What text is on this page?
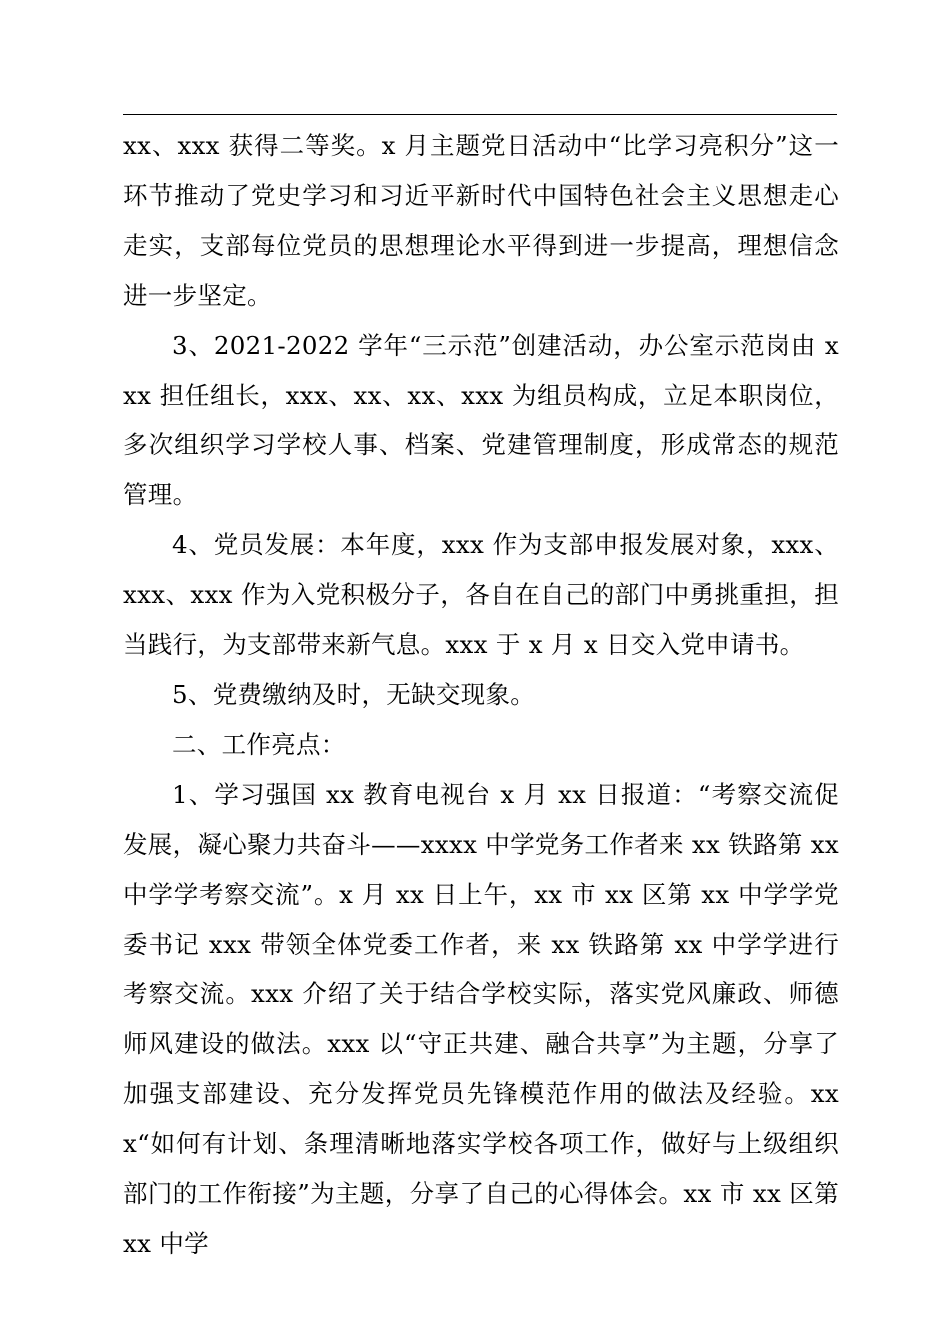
xx、xxx 获得二等奖。x 月主题党日活动中“比学习亮积分”这一环节推动了党史学习和习近平新时代中国特色社会主义思想走心走实，支部每位党员的思想理论水平得到进一步提高，理想信念进一步坚定。

3、2021-2022 学年“三示范”创建活动，办公室示范岗由 xxx 担任组长，xxx、xx、xx、xxx 为组员构成，立足本职岗位，多次组织学习学校人事、档案、党建管理制度，形成常态的规范管理。

4、党员发展：本年度，xxx 作为支部申报发展对象，xxx、xxx、xxx 作为入党积极分子，各自在自己的部门中勇挑重担，担当践行，为支部带来新气息。xxx 于 x 月 x 日交入党申请书。

5、党费缴纳及时，无缺交现象。

二、工作亮点：

1、学习强国 xx 教育电视台 x 月 xx 日报道：“考察交流促发展，凝心聚力共奋斗——xxxx 中学党务工作者来 xx 铁路第 xx 中学学考察交流”。x 月 xx 日上午，xx 市 xx 区第 xx 中学学党委书记 xxx 带领全体党委工作者，来 xx 铁路第 xx 中学学进行考察交流。xxx 介绍了关于结合学校实际，落实党风廉政、师德师风建设的做法。xxx 以“守正共建、融合共享”为主题，分享了加强支部建设、充分发挥党员先锋模范作用的做法及经验。xxx“如何有计划、条理清晰地落实学校各项工作，做好与上级组织部门的工作衔接”为主题，分享了自己的心得体会。xx 市 xx 区第 xx 中学
